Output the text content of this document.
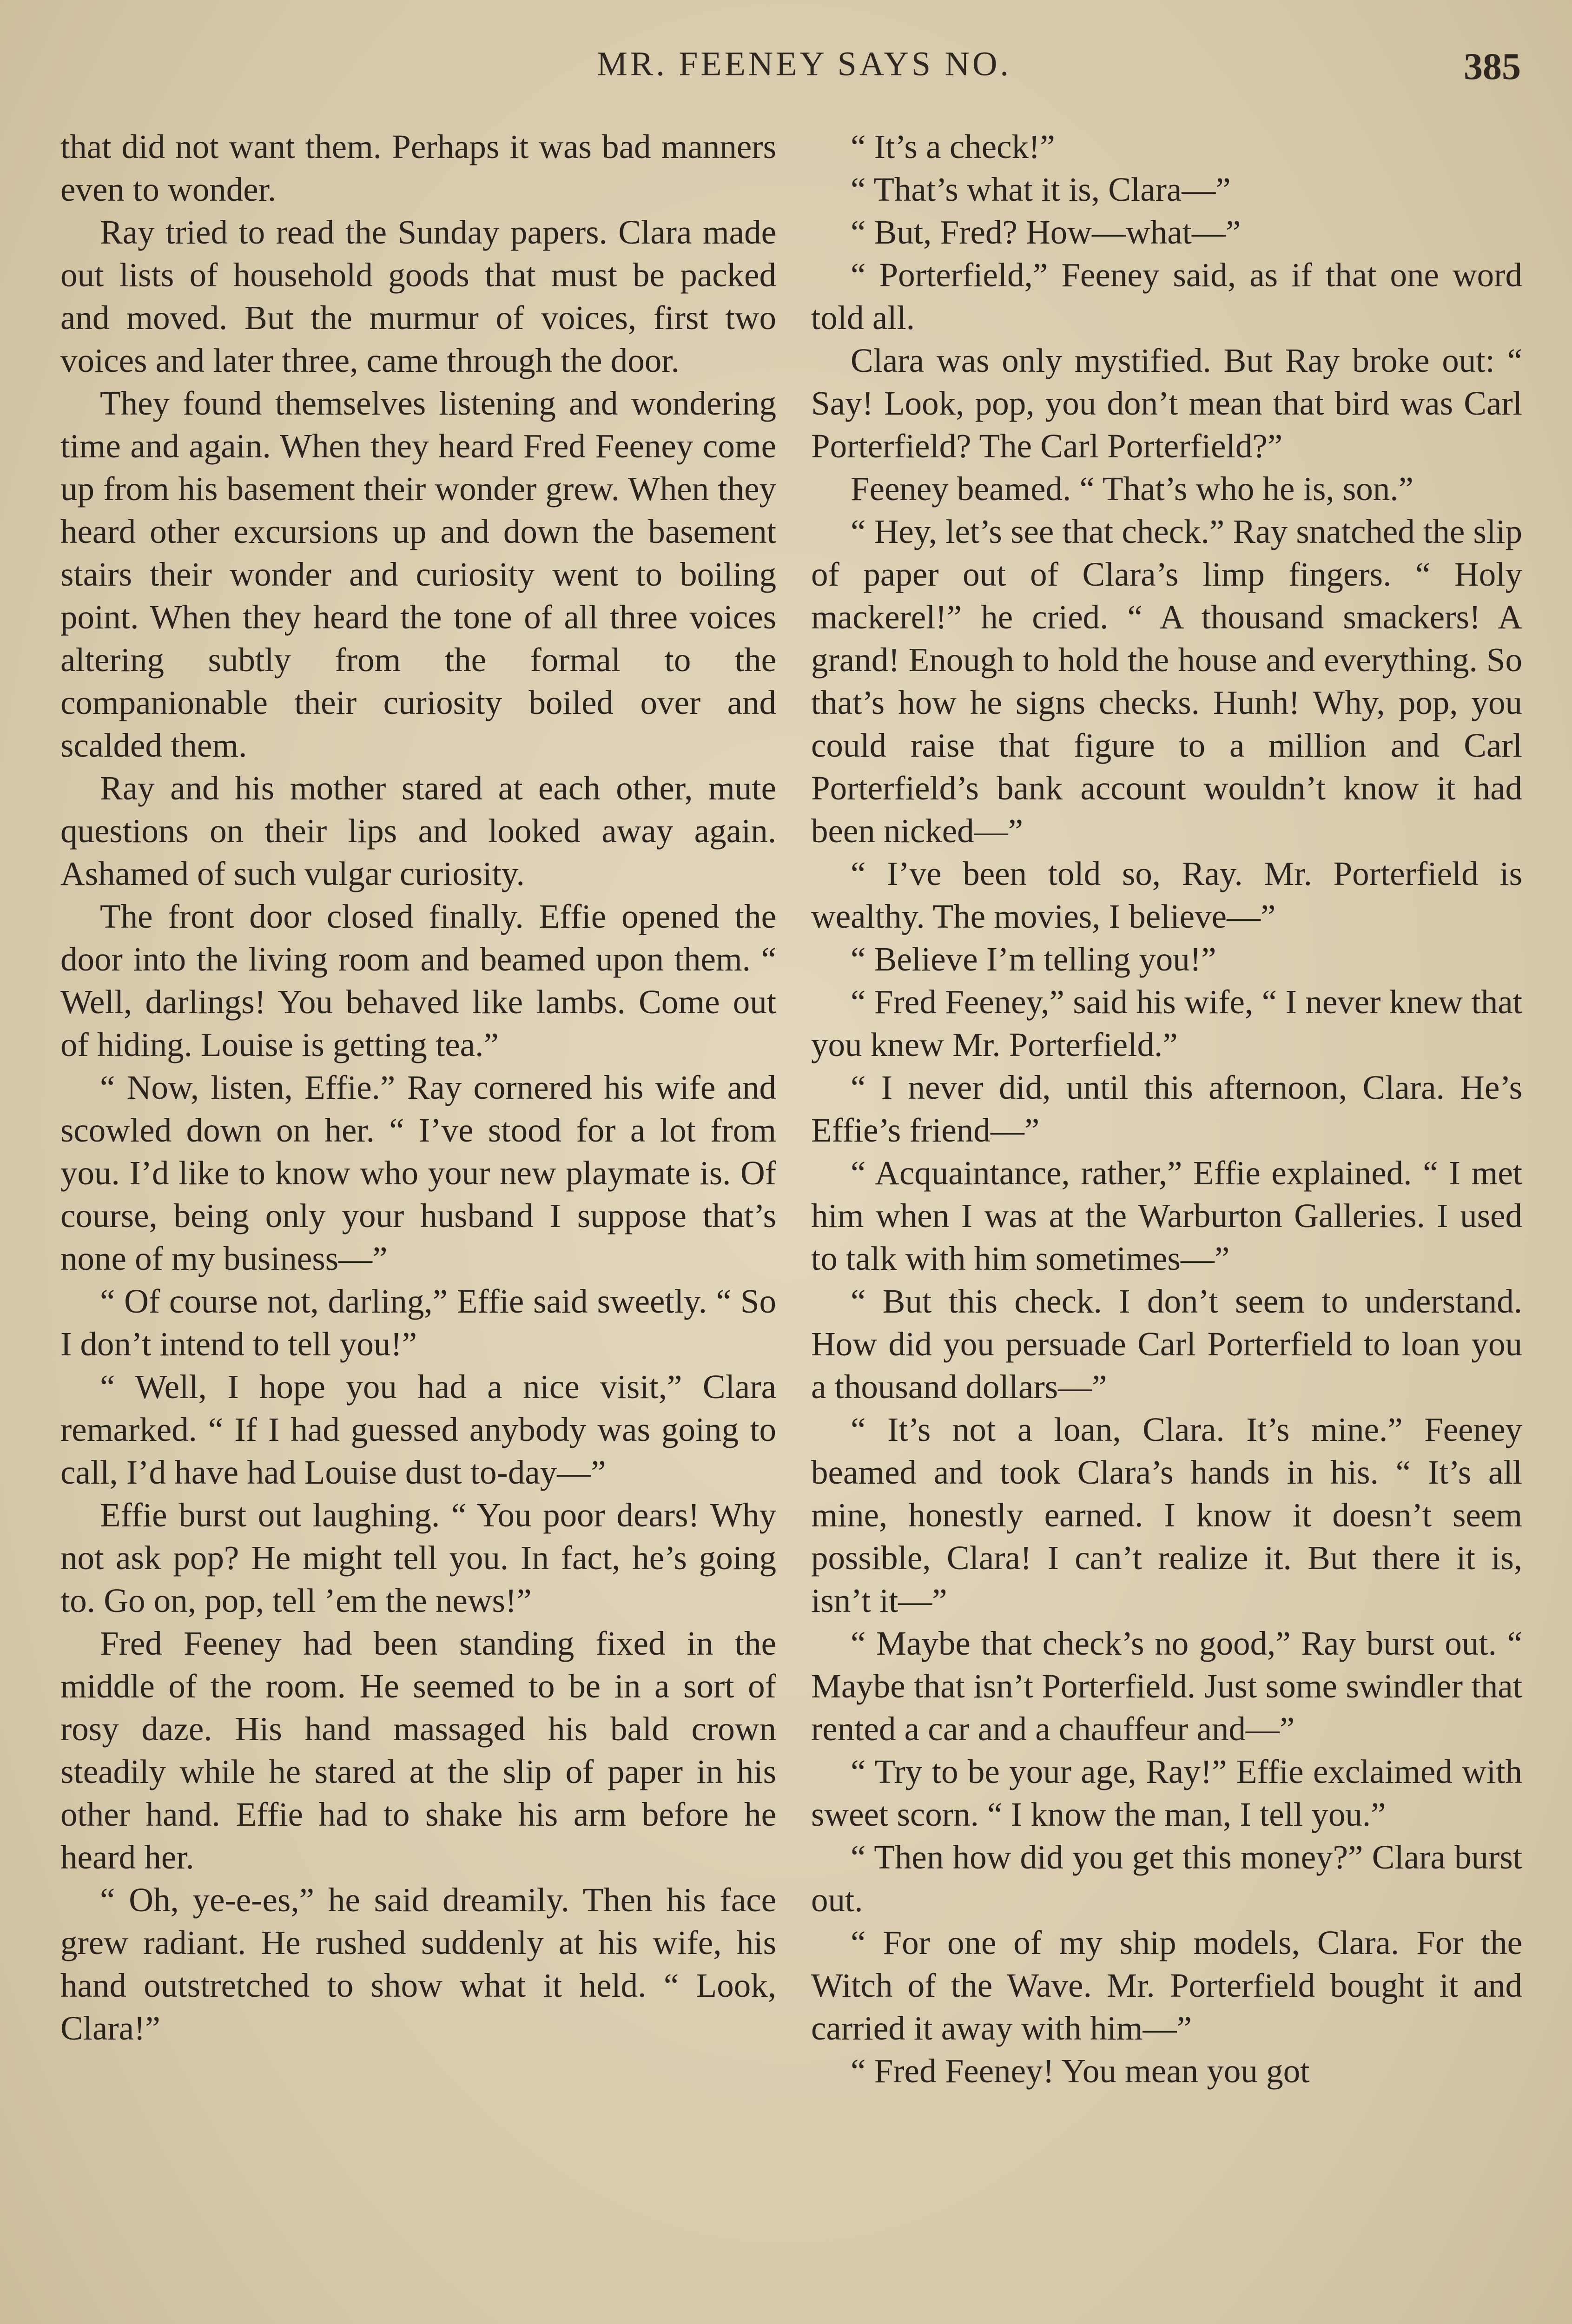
MR. FEENEY SAYS NO.	385

that did not want them. Perhaps it was bad manners even to wonder.

Ray tried to read the Sunday papers. Clara made out lists of household goods that must be packed and moved. But the murmur of voices, first two voices and later three, came through the door.

They found themselves listening and wondering time and again. When they heard Fred Feeney come up from his basement their wonder grew. When they heard other excursions up and down the basement stairs their wonder and curiosity went to boiling point. When they heard the tone of all three voices altering subtly from the formal to the companionable their curiosity boiled over and scalded them.

Ray and his mother stared at each other, mute questions on their lips and looked away again. Ashamed of such vulgar curiosity.

The front door closed finally. Effie opened the door into the living room and beamed upon them. “ Well, darlings! You behaved like lambs. Come out of hiding. Louise is getting tea.”

“ Now, listen, Effie.” Ray cornered his wife and scowled down on her. “ I’ve stood for a lot from you. I’d like to know who your new playmate is. Of course, being only your husband I suppose that’s none of my business—”

“ Of course not, darling,” Effie said sweetly. “ So I don’t intend to tell you!”

“ Well, I hope you had a nice visit,” Clara remarked. “ If I had guessed anybody was going to call, I’d have had Louise dust to-day—”

Effie burst out laughing. “ You poor dears! Why not ask pop? He might tell you. In fact, he’s going to. Go on, pop, tell ’em the news!”

Fred Feeney had been standing fixed in the middle of the room. He seemed to be in a sort of rosy daze. His hand massaged his bald crown steadily while he stared at the slip of paper in his other hand. Effie had to shake his arm before he heard her.

“ Oh, ye-e-es,” he said dreamily. Then his face grew radiant. He rushed suddenly at his wife, his hand outstretched to show what it held. “ Look, Clara!”

“ It’s a check!”

“ That’s what it is, Clara—”

“ But, Fred? How—what—”

“ Porterfield,” Feeney said, as if that one word told all.

Clara was only mystified. But Ray broke out: “ Say! Look, pop, you don’t mean that bird was Carl Porterfield? The Carl Porterfield?”

Feeney beamed. “ That’s who he is, son.”

“ Hey, let’s see that check.” Ray snatched the slip of paper out of Clara’s limp fingers. “ Holy mackerel!” he cried. “ A thousand smackers! A grand! Enough to hold the house and everything. So that’s how he signs checks. Hunh! Why, pop, you could raise that figure to a million and Carl Porterfield’s bank account wouldn’t know it had been nicked—”

“ I’ve been told so, Ray. Mr. Porterfield is wealthy. The movies, I believe—”

“ Believe I’m telling you!”

“ Fred Feeney,” said his wife, “ I never knew that you knew Mr. Porterfield.”

“ I never did, until this afternoon, Clara. He’s Effie’s friend—”

“ Acquaintance, rather,” Effie explained. “ I met him when I was at the Warburton Galleries. I used to talk with him sometimes—”

“ But this check. I don’t seem to understand. How did you persuade Carl Porterfield to loan you a thousand dollars—”

“ It’s not a loan, Clara. It’s mine.” Feeney beamed and took Clara’s hands in his. “ It’s all mine, honestly earned. I know it doesn’t seem possible, Clara! I can’t realize it. But there it is, isn’t it—”

“ Maybe that check’s no good,” Ray burst out. “ Maybe that isn’t Porterfield. Just some swindler that rented a car and a chauffeur and—”

“ Try to be your age, Ray!” Effie exclaimed with sweet scorn. “ I know the man, I tell you.”

“ Then how did you get this money?” Clara burst out.

“ For one of my ship models, Clara. For the Witch of the Wave. Mr. Porterfield bought it and carried it away with him—”

“ Fred Feeney! You mean you got
